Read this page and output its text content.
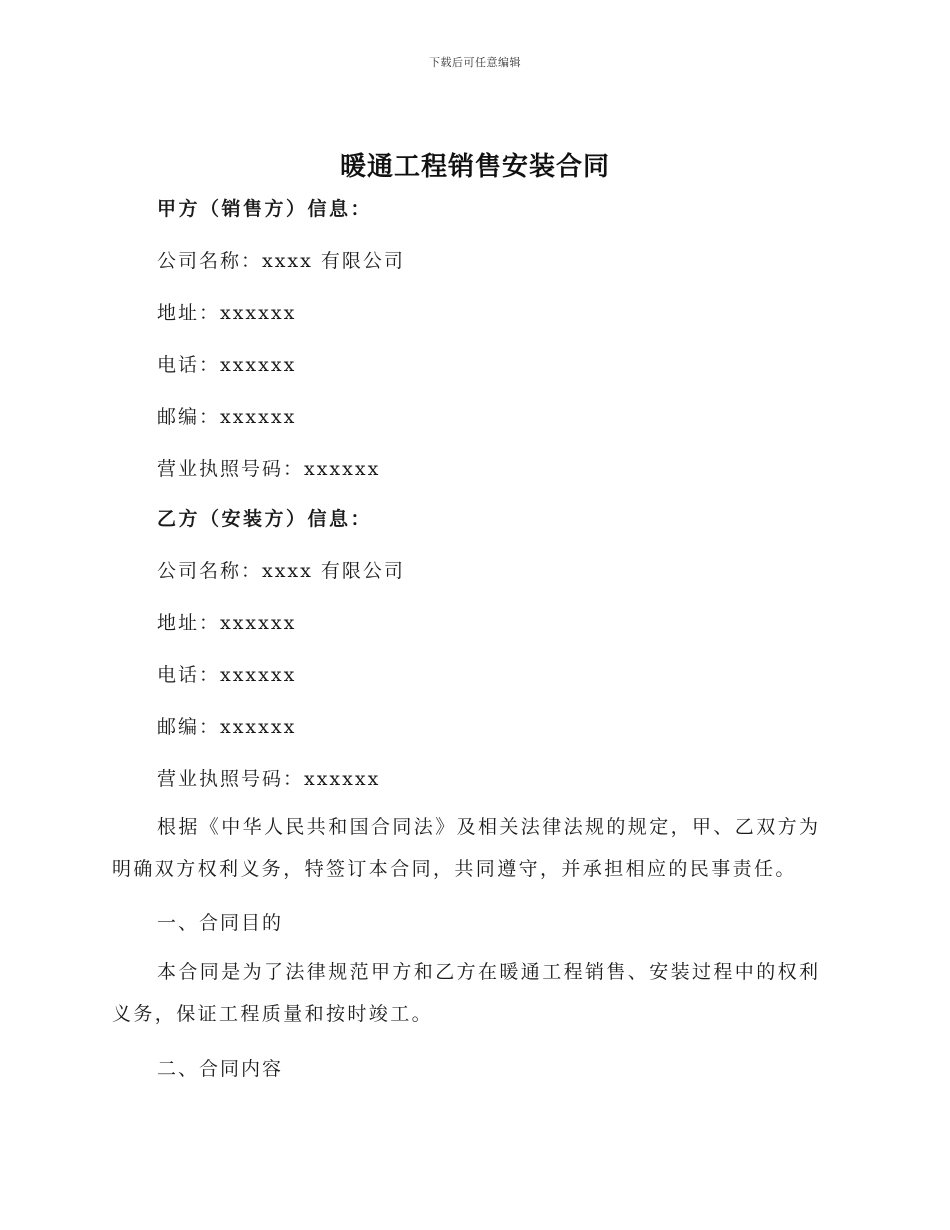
下载后可任意编辑
暖通工程销售安装合同
甲方（销售方）信息：
公司名称：xxxx 有限公司
地址：xxxxxx
电话：xxxxxx
邮编：xxxxxx
营业执照号码：xxxxxx
乙方（安装方）信息：
公司名称：xxxx 有限公司
地址：xxxxxx
电话：xxxxxx
邮编：xxxxxx
营业执照号码：xxxxxx
根据《中华人民共和国合同法》及相关法律法规的规定，甲、乙双方为明确双方权利义务，特签订本合同，共同遵守，并承担相应的民事责任。
一、合同目的
本合同是为了法律规范甲方和乙方在暖通工程销售、安装过程中的权利义务，保证工程质量和按时竣工。
二、合同内容
